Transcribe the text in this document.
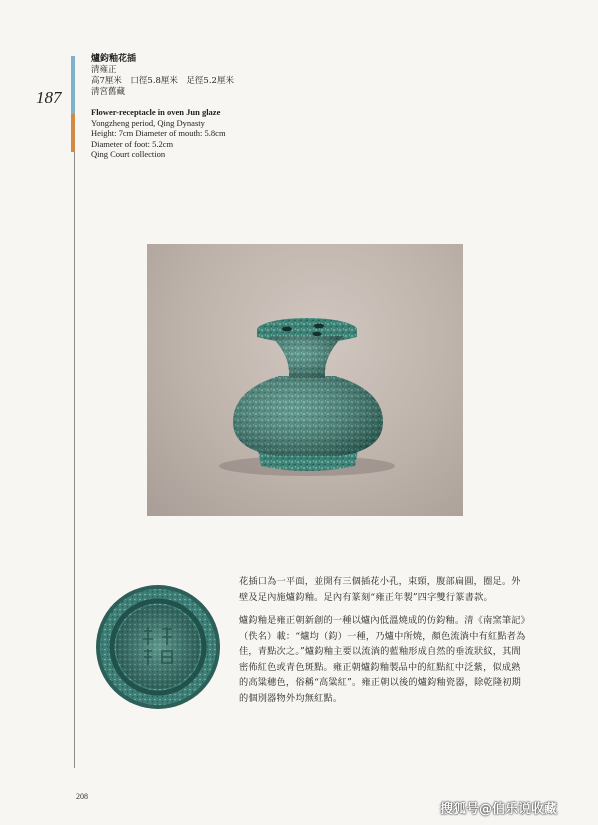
187
爐鈞釉花插
清雍正
高7厘米　口徑5.8厘米　足徑5.2厘米
清宮舊藏
Flower-receptacle in oven Jun glaze
Yongzheng period, Qing Dynasty
Height: 7cm Diameter of mouth: 5.8cm
Diameter of foot: 5.2cm
Qing Court collection

花插口為一平面，並開有三個插花小孔，束頸，腹部扁圓，圈足。外壁及足內施爐鈞釉。足內有篆刻“雍正年製”四字雙行篆書款。

爐鈞釉是雍正朝新創的一種以爐內低溫燒成的仿鈞釉。清《南窯筆記》（佚名）載：“爐均（鈞）一種，乃爐中所燒，顏色流淌中有紅點者為佳，青點次之。”爐鈞釉主要以流淌的藍釉形成自然的垂流狀紋，其間密佈紅色或青色斑點。雍正朝爐鈞釉製品中的紅點紅中泛紫，似成熟的高粱穗色，俗稱“高粱紅”。雍正朝以後的爐鈞釉瓷器，除乾隆初期的個別器物外均無紅點。

208
搜狐号@伯乐说收藏
